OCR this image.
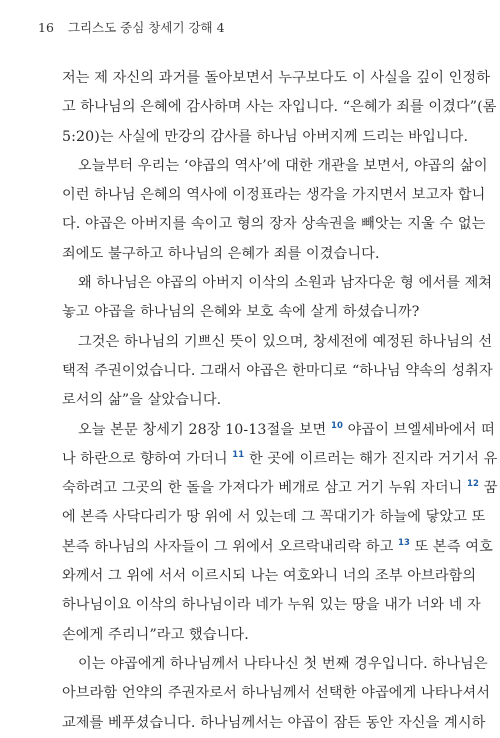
16 그리스도 중심 창세기 강해 4
저는 제 자신의 과거를 돌아보면서 누구보다도 이 사실을 깊이 인정하
고 하나님의 은혜에 감사하며 사는 자입니다. “은혜가 죄를 이겼다”(롬
5:20)는 사실에 만강의 감사를 하나님 아버지께 드리는 바입니다.
오늘부터 우리는 ‘야곱의 역사’에 대한 개관을 보면서, 야곱의 삶이
이런 하나님 은혜의 역사에 이정표라는 생각을 가지면서 보고자 합니
다. 야곱은 아버지를 속이고 형의 장자 상속권을 빼앗는 지울 수 없는
죄에도 불구하고 하나님의 은혜가 죄를 이겼습니다.
왜 하나님은 야곱의 아버지 이삭의 소원과 남자다운 형 에서를 제쳐
놓고 야곱을 하나님의 은혜와 보호 속에 살게 하셨습니까?
그것은 하나님의 기쁘신 뜻이 있으며, 창세전에 예정된 하나님의 선
택적 주권이었습니다. 그래서 야곱은 한마디로 “하나님 약속의 성취자
로서의 삶”을 살았습니다.
오늘 본문 창세기 28장 10-13절을 보면 $^{10}$ 야곱이 브엘세바에서 떠
나 하란으로 향하여 가더니 $^{11}$ 한 곳에 이르러는 해가 진지라 거기서 유
숙하려고 그곳의 한 돌을 가져다가 베개로 삼고 거기 누워 자더니 $^{12}$ 꿈
에 본즉 사닥다리가 땅 위에 서 있는데 그 꼭대기가 하늘에 닿았고 또
본즉 하나님의 사자들이 그 위에서 오르락내리락 하고 $^{13}$ 또 본즉 여호
와께서 그 위에 서서 이르시되 나는 여호와니 너의 조부 아브라함의
하나님이요 이삭의 하나님이라 네가 누워 있는 땅을 내가 너와 네 자
손에게 주리니”라고 했습니다.
이는 야곱에게 하나님께서 나타나신 첫 번째 경우입니다. 하나님은
아브라함 언약의 주권자로서 하나님께서 선택한 야곱에게 나타나셔서
교제를 베푸셨습니다. 하나님께서는 야곱이 잠든 동안 자신을 계시하
